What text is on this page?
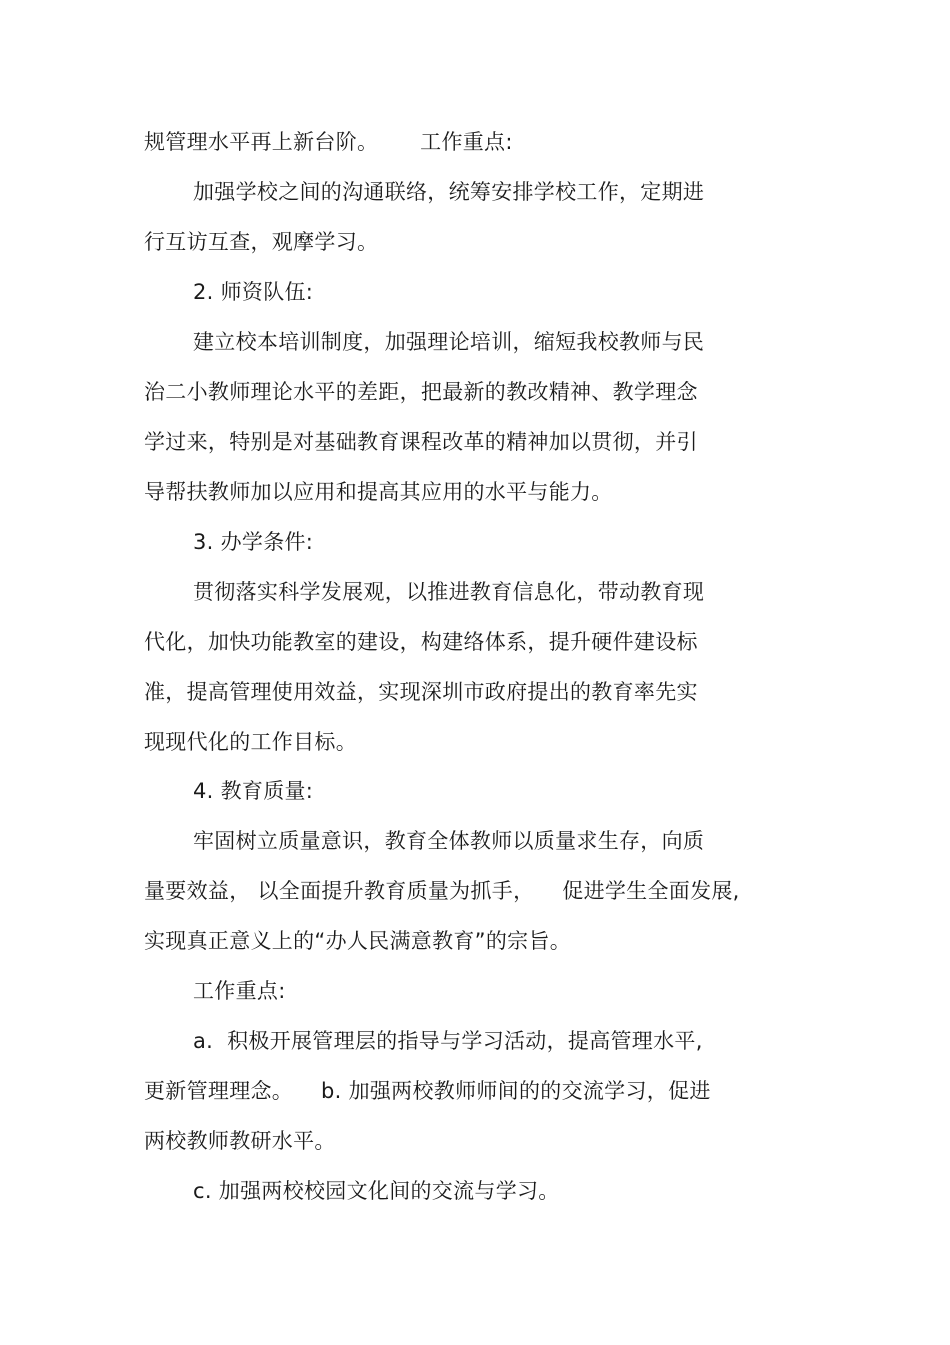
规管理水平再上新台阶。      工作重点:
加强学校之间的沟通联络，统筹安排学校工作，定期进
行互访互查，观摩学习。
2. 师资队伍:
建立校本培训制度，加强理论培训，缩短我校教师与民
治二小教师理论水平的差距，把最新的教改精神、教学理念
学过来，特别是对基础教育课程改革的精神加以贯彻，并引
导帮扶教师加以应用和提高其应用的水平与能力。
3. 办学条件:
贯彻落实科学发展观，以推进教育信息化，带动教育现
代化，加快功能教室的建设，构建络体系，提升硬件建设标
准，提高管理使用效益，实现深圳市政府提出的教育率先实
现现代化的工作目标。
4. 教育质量:
牢固树立质量意识，教育全体教师以质量求生存，向质
量要效益， 以全面提升教育质量为抓手，    促进学生全面发展,
实现真正意义上的“办人民满意教育”的宗旨。
工作重点:
a.  积极开展管理层的指导与学习活动，提高管理水平,
更新管理理念。    b. 加强两校教师师间的的交流学习，促进
两校教师教研水平。
c. 加强两校校园文化间的交流与学习。
